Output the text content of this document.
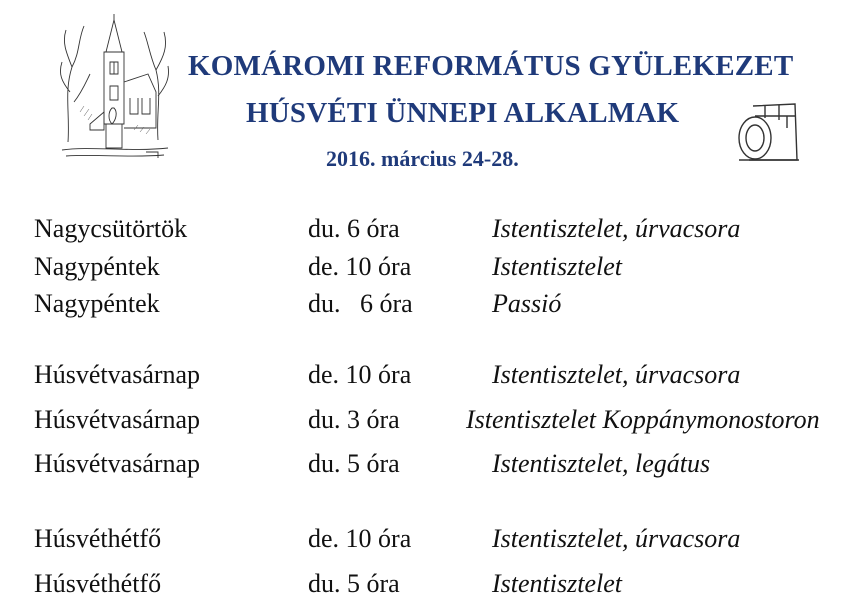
KOMÁROMI REFORMÁTUS GYÜLEKEZET
HÚSVÉTI ÜNNEPI ALKALMAK
2016. március 24-28.
Nagycsütörtök	du. 6 óra	Istentisztelet, úrvacsora
Nagypéntek	de. 10 óra	Istentisztelet
Nagypéntek	du.   6 óra	Passió
Húsvétvasárnap	de. 10 óra	Istentisztelet, úrvacsora
Húsvétvasárnap	du. 3 óra	Istentisztelet Koppánymonostoron
Húsvétvasárnap	du. 5 óra	Istentisztelet, legátus
Húsvéthétfő	de. 10 óra	Istentisztelet, úrvacsora
Húsvéthétfő	du. 5 óra	Istentisztelet
